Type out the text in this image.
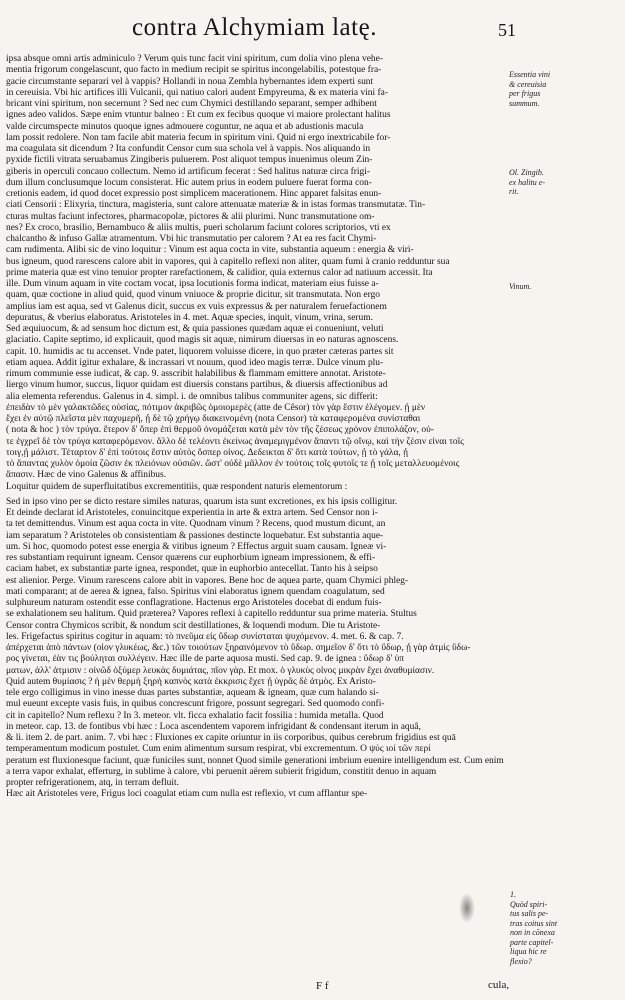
contra Alchymiam latę.	51
ipsa absque omni artis adminiculo ? Verum quis tunc facit vini spiritum, cum dolia vino plena vehe-
mentia frigorum congelascunt, quo facto in medium recipit se spiritus incongelabilis, potestque fra-
gacie circumstante separari vel à vappis? Hollandi in noua Zembla hybernantes idem experti sunt
in cereuisia. Vbi hic artifices illi Vulcanii, qui natiuo calori audent Empyreuma, & ex materia vini fa-
bricant vini spiritum, non secernunt ? Sed nec cum Chymici destillando separant, semper adhibent
ignes adeo validos. Sæpe enim vtuntur balneo : Et cum ex fecibus quoque vi maiore prolectant halitus
valde circumspecte minutos quoque ignes admouere coguntur, ne aqua et ab adustionis macula
lam possit redolere. Non tam facile abit materia fecum in spiritum vini. Quid ni ergo inextricabile for-
ma coagulata sit dicendum ? Ita confundit Censor cum sua schola vel à vappis. Nos aliquando in
pyxide fictili vitrata seruabamus Zingiberis puluerem. Post aliquot tempus inuenimus oleum Zin-
giberis in operculi concauo collectum. Nemo id artificum fecerat : Sed halitus naturæ circa frigi-
dum illum conclusumque locum consisterat. Hic autem prius in eodem puluere fuerat forma con-
cretionis eadem, id quod docet expressio post simplicem macerationem. Hinc apparet falsitas enun-
ciati Censorii : Elixyria, tinctura, magisteria, sunt calore attenuatæ materiæ & in istas formas transmutatæ. Tin-
cturas multas faciunt infectores, pharmacopolæ, pictores & alii plurimi. Nunc transmutatione om-
nes? Ex croco, brasilio, Bernambuco & aliis multis, pueri scholarum faciunt colores scriptorios, vti ex
chalcantho & infuso Gallæ atramentum. Vbi hic transmutatio per calorem ? At ea res facit Chymi-
cam rudimenta. Alibi sic de vino loquitur : Vinum est aqua cocta in vite, substantia aqueum : energia & viri-
bus igneum, quod rarescens calore abit in vapores, qui à capitello reflexi non aliter, quam fumi à cranio redduntur sua
prime materia quæ est vino tenuior propter rarefactionem, & calidior, quia externus calor ad natiuum accessit. Ita
ille. Dum vinum aquam in vite coctam vocat, ipsa locutionis forma indicat, materiam eius fuisse a-
quam, quæ coctione in aliud quid, quod vinum vniuoce & proprie dicitur, sit transmutata. Non ergo
amplius iam est aqua, sed vt Galenus dicit, succus ex vuis expressus & per naturalem feruefactionem
depuratus, & vberius elaboratus. Aristoteles in 4. met. Aquæ species, inquit, vinum, vrina, serum.
Sed æquiuocum, & ad sensum hoc dictum est, & quia passiones quædam aquæ ei conueniunt, veluti
glaciatio. Capite septimo, id explicauit, quod magis sit aquæ, nimirum diuersas in eo naturas agnoscens.
capit. 10. humidis ac tu accenset. Vnde patet, liquorem voluisse dicere, in quo præter cæteras partes sit
etiam aquea. Addit igitur exhalare, & incrassari vt nouum, quod ideo magis terræ. Dulce vinum plu-
rimum communie esse iudicat, & cap. 9. asscribit halabilibus & flammam emittere annotat. Aristote-
liergo vinum humor, succus, liquor quidam est diuersis constans partibus, & diuersis affectionibus ad
alia elementa referendus. Galenus in 4. simpl. i. de omnibus talibus communiter agens, sic differit:
ἐπειδὰν τὸ μὲν γαλακτῶδες οὐσίας, πότιμον ἀκριβῶς ὁμοιομερὲς (atte de Cêsor) τὸν γὰρ ἔστιν ἐλέγομεν. ᾗ μὲν
ἔχει ἐν αὐτῷ πλεῖστα μὲν παχυμερῆ, ᾗ δὲ τῷ χρήγῳ διακεινομένη (nota Censor) τὰ καταφερομένα συνίσταθαι
( nota & hoc ) τὸν τρύγα. ἕτερον δ' ὅπερ ἐπὶ θερμοῦ ὀνομάζεται κατὰ μὲν τὸν τῆς ζέσεως χρόνον ἐπιπολάζον, οὐ-
τε ἐγχρεῖ δὲ τὸν τρύγα καταφερόμενον. ἄλλο δὲ τελέοντι ἐκείνως ἀναμεμιγμένον ἅπαντι τῷ οἴνῳ, καὶ τὴν ζέσιν εἶναι τοῖς
τοιγ,ᾗ μάλιστ. Τέταρτον δ' ἐπὶ τούτοις ἔστιν αὐτὸς ὅσπερ οἶνος. Δεδεικται δ' ὅτι κατὰ τούτων, ᾗ τὸ γάλα, ᾗ
τὸ ἅπαντας χυλὸν ὁμοία ζῶσιν ἐκ πλειόνων οὐσιῶν. ὥστ' οὐδὲ μᾶλλον ἐν τούτοις τοῖς φυτοῖς τε ᾗ τοῖς μεταλλευομένοις
ἅπασιν. Hæc de vino Galenus & affinibus.
Loquitur quidem de superfluitatibus excrementitiis, quæ respondent naturis elementorum :
Sed in ipso vino per se dicto restare similes naturas, quarum ista sunt excretiones, ex his ipsis colligitur.
Et deinde declarat id Aristoteles, conuincitque experientia in arte & extra artem. Sed Censor non i-
ta tet demittendus. Vinum est aqua cocta in vite. Quodnam vinum ? Recens, quod mustum dicunt, an
iam separatum ? Aristoteles ob consistentiam & passiones destincte loquebatur. Est substantia aque-
um. Si hoc, quomodo potest esse energia & vitibus igneum ? Effectus arguit suam causam. Igneæ vi-
res substantiam requirunt igneam. Censor quærens cur euphorbium igneam impressionem, & effi-
caciam habet, ex substantiæ parte ignea, respondet, quæ in euphorbio antecellat. Tanto his à seipso
est alienior. Perge. Vinum rarescens calore abit in vapores. Bene hoc de aquea parte, quam Chymici phleg-
mati comparant; at de aerea & ignea, falso. Spiritus vini elaboratus ignem quendam coagulatum, sed
sulphureum naturam ostendit esse conflagratione. Hactenus ergo Aristoteles docebat di endum fuis-
se exhalationem seu halitum. Quid præterea? Vapores reflexi à capitello redduntur sua prime materia. Stultus
Censor contra Chymicos scribit, & nondum scit destillationes, & loquendi modum. Die tu Aristote-
les. Frigefactus spiritus cogitur in aquam: τὸ πνεῦμα εἰς ὕδωρ συνίσταται ψυχόμενον. 4. met. 6. & cap. 7.
ἀπέρχεται ἀπὸ πάντων (οἶον γλυκέως, &c.) τῶν τοιούτων ξηραινόμενον τὸ ὕδωρ. σημεῖον δ' ὅτι τὸ ὕδωρ, ᾗ γὰρ ἀτμὶς ὕδω-
ρος γίνεται, ἐὰν τις βούληται συλλέγειν. Hæc ille de parte aquosa musti. Sed cap. 9. de ignea : ὕδωρ δ' ὑπ
ματων, ἀλλ' ἀτμισιν : οἰνῶδ ὀξύμερ λευκὰς δυμιάτας, πῖον γὰρ. Et mox. ὁ γλυκὺς οἶνος μικρὰν ἔχει ἀναθυμίασιν.
Quid autem θυμίασις ? ἡ μὲν θερμὴ ξηρὴ καπνὸς κατὰ ἐκκρισις ἔχετ ᾗ ὑγρᾶς δὲ ἀτμὸς. Ex Aristo-
tele ergo colligimus in vino inesse duas partes substantiæ, aqueam & igneam, quæ cum halando si-
mul eueunt excepte vasis fuis, in quibus concrescunt frigore, possunt segregari. Sed quomodo confi-
cit in capitello? Num reflexu ? In 3. meteor. vlt. ficca exhalatio facit fossilia : humida metalla. Quod
in meteor. cap. 13. de fontibus vbi hæc : Loca ascendentem vaporem infrigidant & condensant iterum in aquâ,
& li. item 2. de part. anim. 7. vbi hæc : Fluxiones ex capite oriuntur in iis corporibus, quibus cerebrum frigidius est quā
temperamentum modicum postulet. Cum enim alimentum sursum respirat, vbi excrementum. O ψύς ιοί τῶν περί
peratum est fluxionesque faciunt, quæ funiciles sunt, nonnet Quod simile generationi imbrium euenire intelligendum est. Cum enim
a terra vapor exhalat, efferturg, in sublime à calore, vbi peruenit aërem subierit frigidum, constitit denuo in aquam
propter refrigerationem, atq, in terram defluit.
Hæc ait Aristoteles vere, Frigus loci coagulat etiam cum nulla est reflexio, vt cum afflantur spe-
Essentia vini
& cereuisia
per frigus
summum.
Ol. Zingib.
ex halitu e-
rit.
Vinum.
1.
Quòd spiri-
tus salis pe-
tras coitus sint
non in cōnexa
parte capitel-
liqua hic re
flexio?
F f	cula,
